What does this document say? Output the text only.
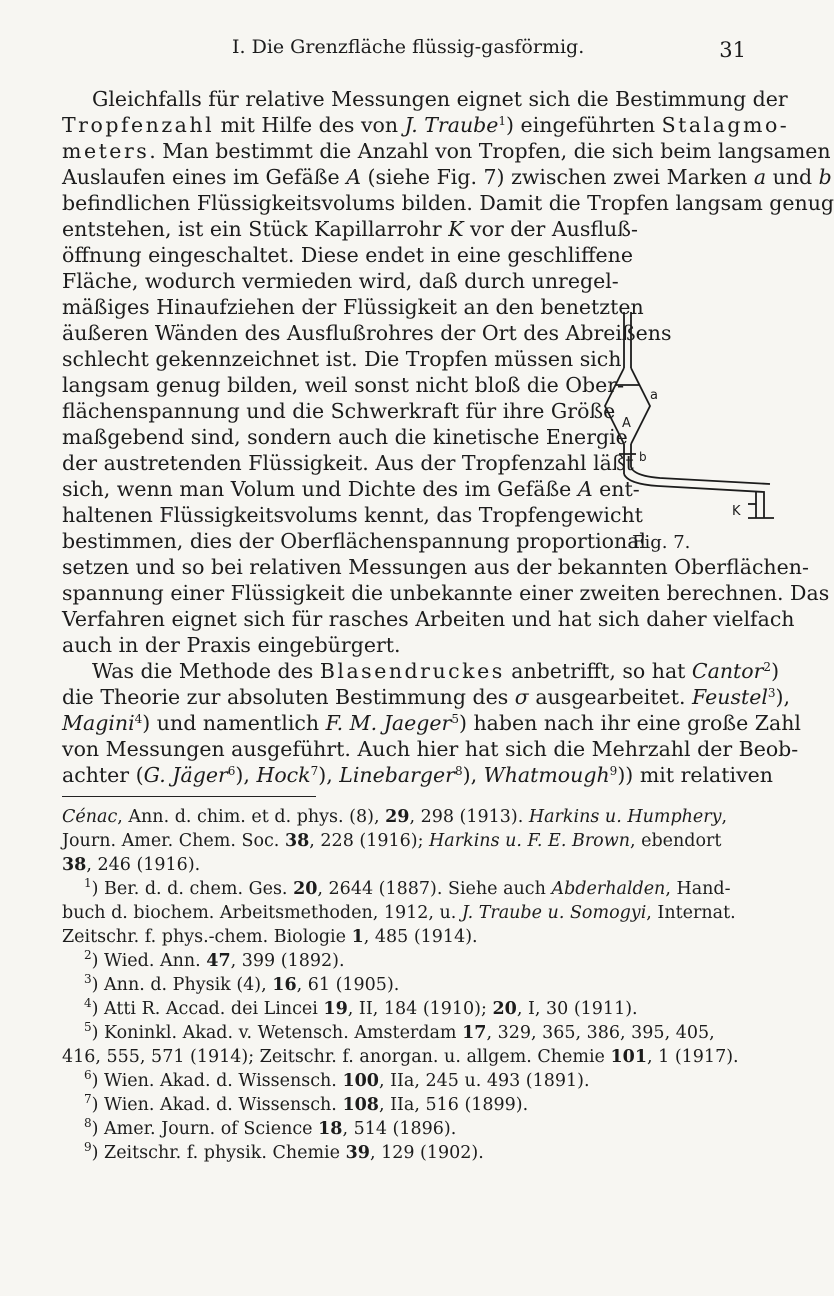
I. Die Grenzfläche flüssig-gasförmig.	31
Gleichfalls für relative Messungen eignet sich die Bestimmung der
Tropfenzahl mit Hilfe des von J. Traube$^1$) eingeführten Stalagmo-
meters. Man bestimmt die Anzahl von Tropfen, die sich beim langsamen
Auslaufen eines im Gefäße A (siehe Fig. 7) zwischen zwei Marken a und b
befindlichen Flüssigkeitsvolums bilden. Damit die Tropfen langsam genug
entstehen, ist ein Stück Kapillarrohr K vor der Ausfluß-
öffnung eingeschaltet. Diese endet in eine geschliffene
Fläche, wodurch vermieden wird, daß durch unregel-
mäßiges Hinaufziehen der Flüssigkeit an den benetzten
äußeren Wänden des Ausflußrohres der Ort des Abreißens
schlecht gekennzeichnet ist. Die Tropfen müssen sich
langsam genug bilden, weil sonst nicht bloß die Ober-
flächenspannung und die Schwerkraft für ihre Größe
maßgebend sind, sondern auch die kinetische Energie
der austretenden Flüssigkeit. Aus der Tropfenzahl läßt
sich, wenn man Volum und Dichte des im Gefäße A ent-
haltenen Flüssigkeitsvolums kennt, das Tropfengewicht
bestimmen, dies der Oberflächenspannung proportional
setzen und so bei relativen Messungen aus der bekannten Oberflächen-
spannung einer Flüssigkeit die unbekannte einer zweiten berechnen. Das
Verfahren eignet sich für rasches Arbeiten und hat sich daher vielfach
auch in der Praxis eingebürgert.
Was die Methode des Blasendruckes anbetrifft, so hat Cantor$^2$)
die Theorie zur absoluten Bestimmung des σ ausgearbeitet. Feustel$^3$),
Magini$^4$) und namentlich F. M. Jaeger$^5$) haben nach ihr eine große Zahl
a
A
b
K
Fig. 7.
von Messungen ausgeführt. Auch hier hat sich die Mehrzahl der Beob-
achter (G. Jäger$^6$), Hock$^7$), Linebarger$^8$), Whatmough$^9$)) mit relativen
Cénac, Ann. d. chim. et d. phys. (8), 29, 298 (1913). Harkins u. Humphery,
Journ. Amer. Chem. Soc. 38, 228 (1916); Harkins u. F. E. Brown, ebendort
38, 246 (1916).
$^1$) Ber. d. d. chem. Ges. 20, 2644 (1887). Siehe auch Abderhalden, Hand-
buch d. biochem. Arbeitsmethoden, 1912, u. J. Traube u. Somogyi, Internat.
Zeitschr. f. phys.-chem. Biologie 1, 485 (1914).
$^2$) Wied. Ann. 47, 399 (1892).
$^3$) Ann. d. Physik (4), 16, 61 (1905).
$^4$) Atti R. Accad. dei Lincei 19, II, 184 (1910); 20, I, 30 (1911).
$^5$) Koninkl. Akad. v. Wetensch. Amsterdam 17, 329, 365, 386, 395, 405,
416, 555, 571 (1914); Zeitschr. f. anorgan. u. allgem. Chemie 101, 1 (1917).
$^6$) Wien. Akad. d. Wissensch. 100, IIa, 245 u. 493 (1891).
$^7$) Wien. Akad. d. Wissensch. 108, IIa, 516 (1899).
$^8$) Amer. Journ. of Science 18, 514 (1896).
$^9$) Zeitschr. f. physik. Chemie 39, 129 (1902).
